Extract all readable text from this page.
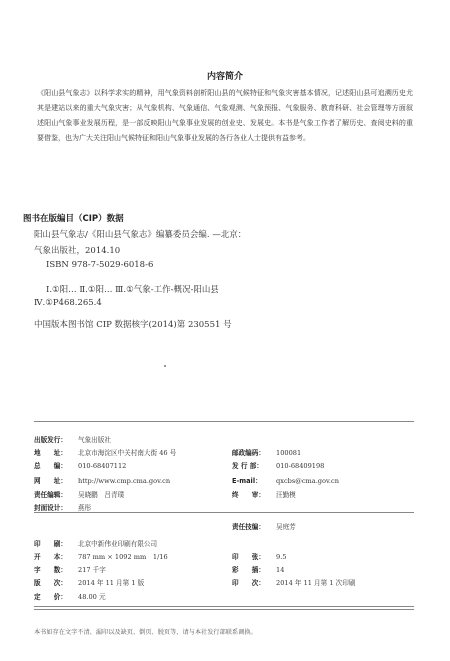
内容简介
《阳山县气象志》以科学求实的精神，用气象资料剖析阳山县的气候特征和气象灾害基本情况，记述阳山县可追溯历史尤其是建站以来的重大气象灾害；从气象机构、气象通信、气象观测、气象预报、气象服务、教育科研、社会管理等方面叙述阳山气象事业发展历程，是一部反映阳山气象事业发展的创业史、发展史。本书是气象工作者了解历史、查阅史料的重要借鉴，也为广大关注阳山气候特征和阳山气象事业发展的各行各业人士提供有益参考。
图书在版编目（CIP）数据
阳山县气象志/《阳山县气象志》编纂委员会编. —北京：
气象出版社，2014.10
ISBN 978-7-5029-6018-6
Ⅰ.①阳… Ⅱ.①阳… Ⅲ.①气象-工作-概况-阳山县
Ⅳ.①P468.265.4
中国版本图书馆 CIP 数据核字(2014)第 230551 号
出版发行： 气象出版社
地　　址： 北京市海淀区中关村南大街 46 号
总　　编： 010-68407112
网　　址： http://www.cmp.cma.gov.cn
责任编辑： 吴晓鹏　吕青璞
封面设计： 燕彤
邮政编码： 100081
发 行 部： 010-68409198
E-mail： qxcbs@cma.gov.cn
终　　审： 汪勤模
责任技编： 吴庭芳
印　　刷： 北京中新伟业印刷有限公司
开　　本： 787 mm × 1092 mm　1/16
字　　数： 217 千字
版　　次： 2014 年 11 月第 1 版
定　　价： 48.00 元
印　　张： 9.5
彩　　插： 14
印　　次： 2014 年 11 月第 1 次印刷
本书如存在文字不清、漏印以及缺页、倒页、脱页等，请与本社发行部联系调换。
